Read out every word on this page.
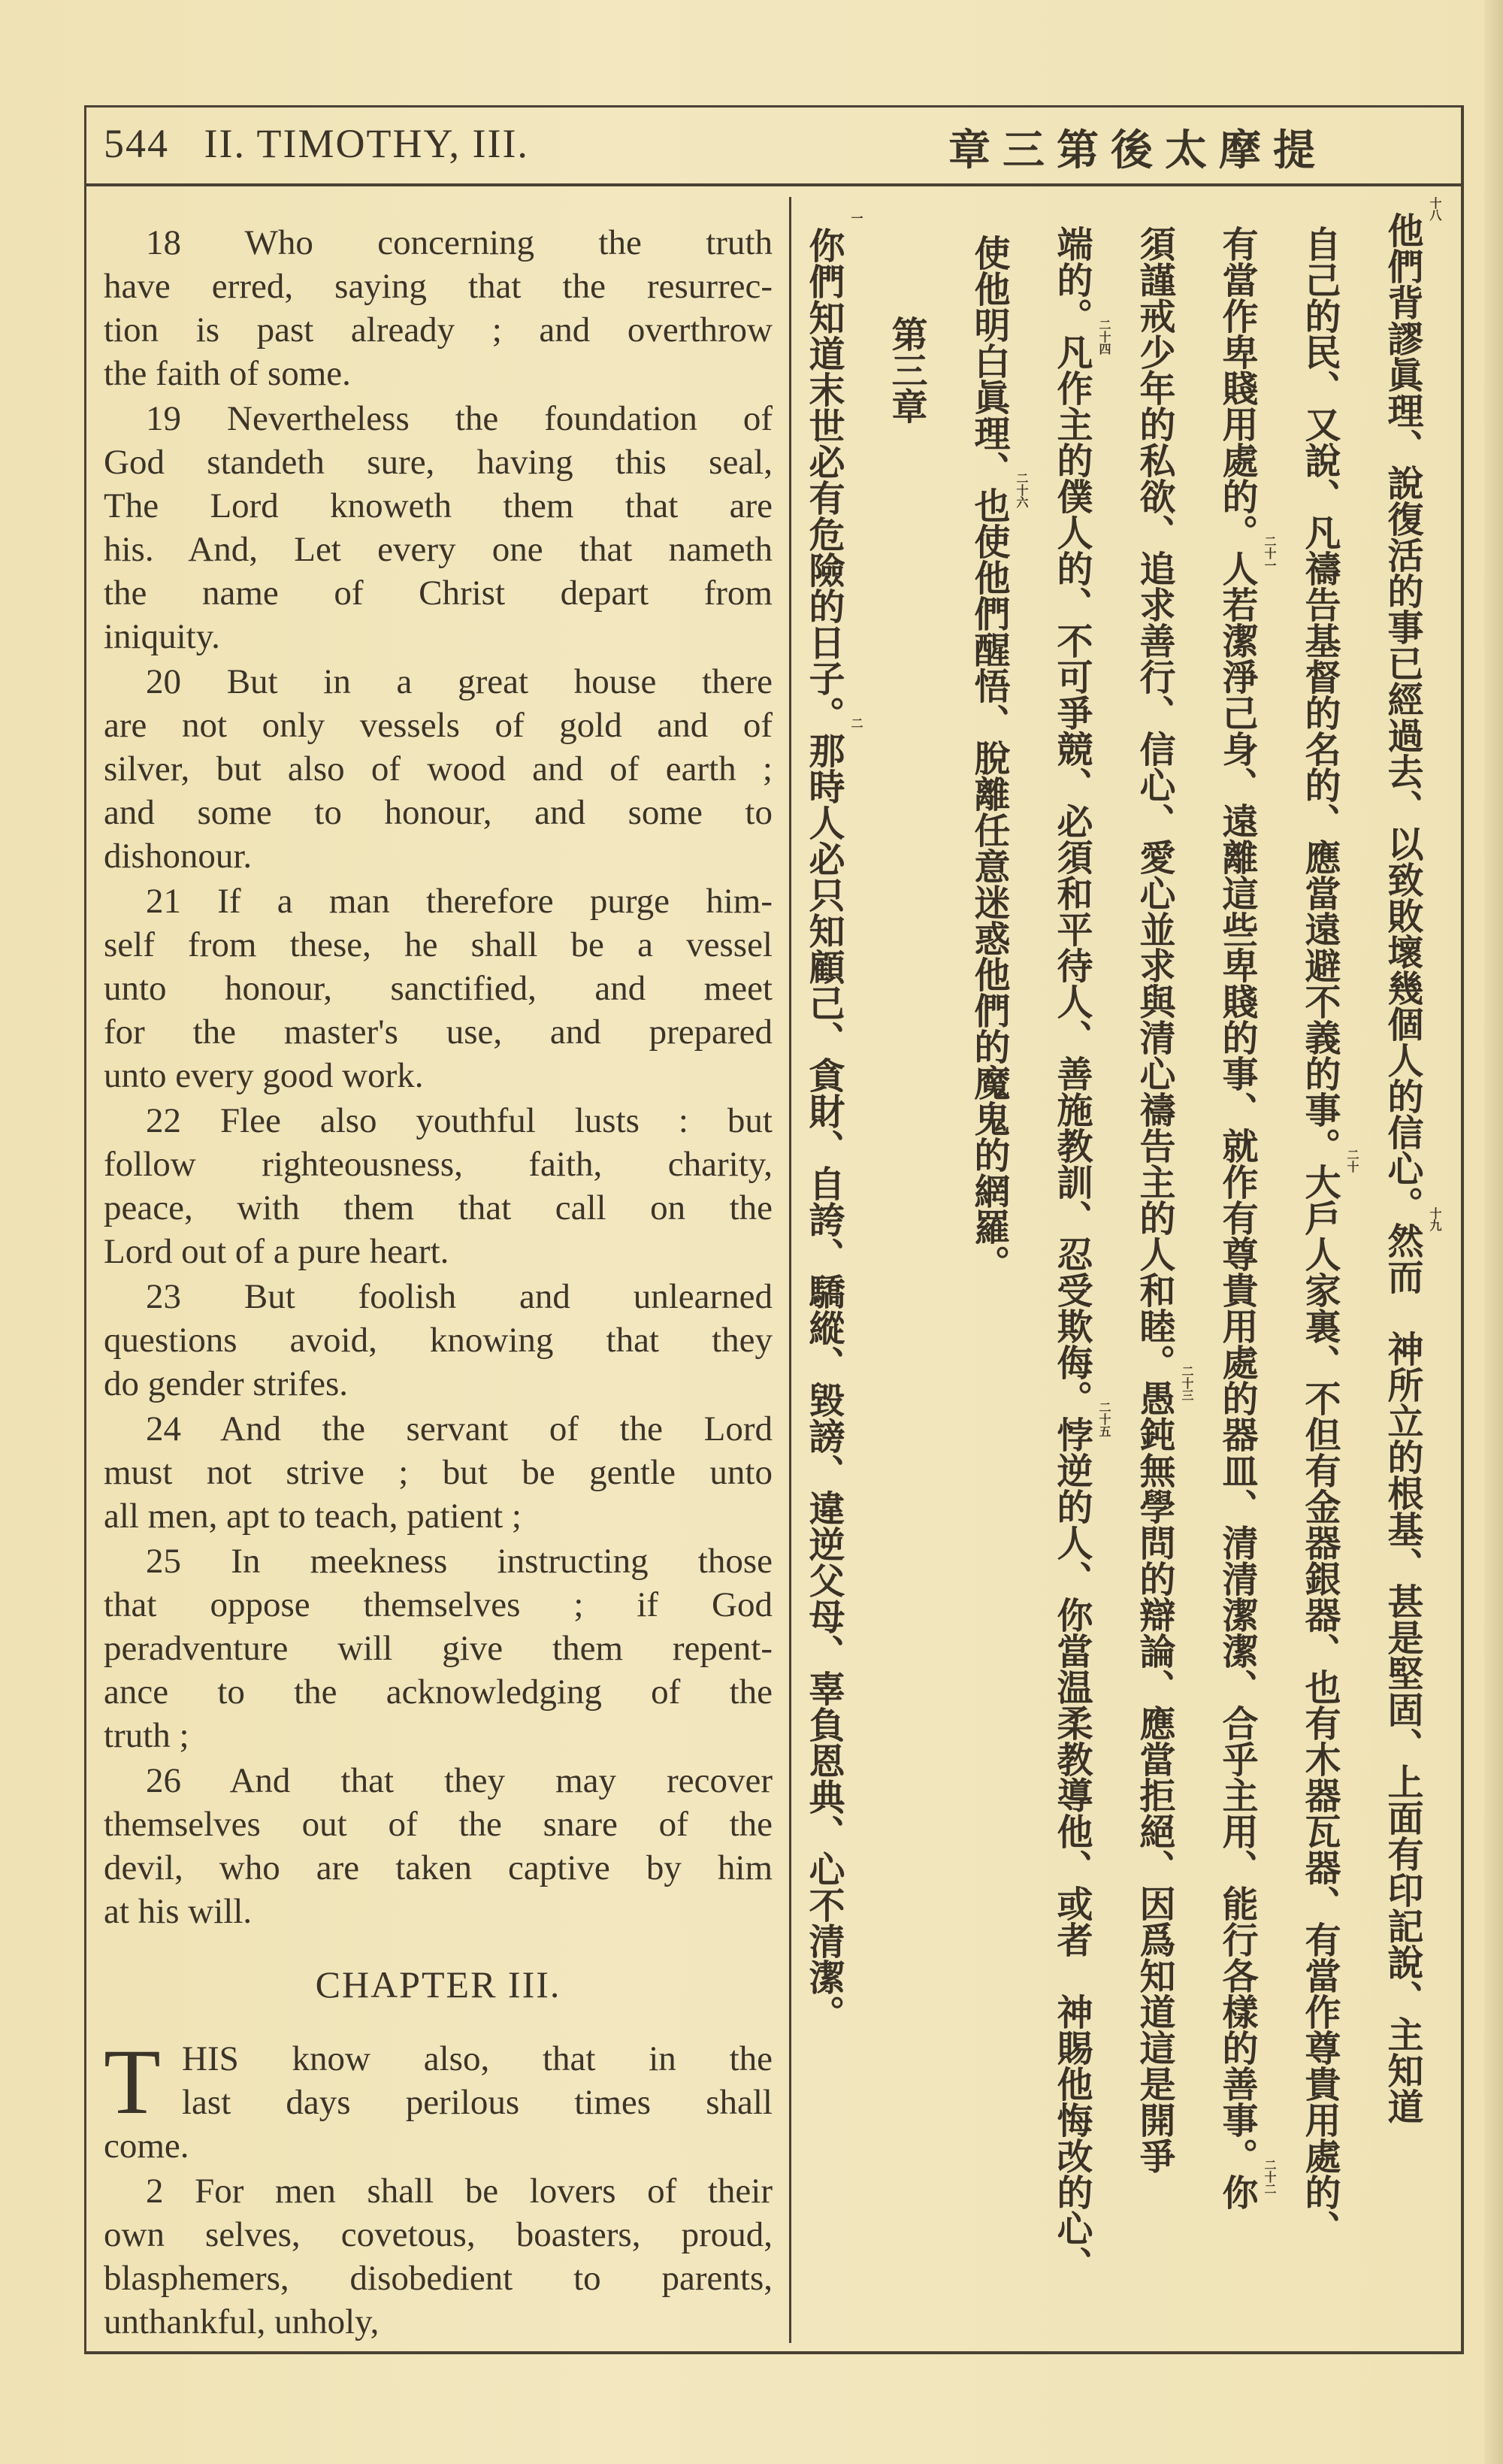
544 II. TIMOTHY, III.	提摩太後第三章
18 Who concerning the truth
have erred, saying that the resurrec-
tion is past already ; and overthrow
the faith of some.
19 Nevertheless the foundation of
God standeth sure, having this seal,
The Lord knoweth them that are
his. And, Let every one that nameth
the name of Christ depart from
iniquity.
20 But in a great house there
are not only vessels of gold and of
silver, but also of wood and of earth ;
and some to honour, and some to
dishonour.
21 If a man therefore purge him-
self from these, he shall be a vessel
unto honour, sanctified, and meet
for the master's use, and prepared
unto every good work.
22 Flee also youthful lusts : but
follow righteousness, faith, charity,
peace, with them that call on the
Lord out of a pure heart.
23 But foolish and unlearned
questions avoid, knowing that they
do gender strifes.
24 And the servant of the Lord
must not strive ; but be gentle unto
all men, apt to teach, patient ;
25 In meekness instructing those
that oppose themselves ; if God
peradventure will give them repent-
ance to the acknowledging of the
truth ;
26 And that they may recover
themselves out of the snare of the
devil, who are taken captive by him
at his will.
CHAPTER III.
T HIS know also, that in the
last days perilous times shall
come.
2 For men shall be lovers of their
own selves, covetous, boasters, proud,
blasphemers, disobedient to parents,
unthankful, unholy,
十八
他們背謬眞理、說復活的事已經過去、以致敗壞幾個人的信心。 十九
然而　神所立的根基、甚是堅固、上面有印記說、主知道
自己的民、又說、凡禱告基督的名的、應當遠避不義的事。 二十
大戶人家裏、不但有金器銀器、也有木器瓦器、有當作尊貴用處的、
有當作卑賤用處的。
二十一
人若潔淨己身、遠離這些卑賤的事、就作有尊貴用處的器皿、清清潔潔、合乎主用、能行各樣的善事。
二十二
你
須謹戒少年的私欲、追求善行、信心、愛心並求與清心禱告主的人和睦。
二十三
愚鈍無學問的辯論、應當拒絕、因爲知道這是開爭
端的。
二十四
凡作主的僕人的、不可爭競、必須和平待人、善施教訓、忍受欺侮。
二十五
悖逆的人、你當温柔教導他、或者　神賜他悔改的心、
使他明白眞理、
二十六
也使他們醒悟、脫離任意迷惑他們的魔鬼的網羅。
第三章
一
你們知道末世必有危險的日子。 二
那時人必只知顧己、貪財、自誇、驕縱、毀謗、違逆父母、辜負恩典、心不清潔。
